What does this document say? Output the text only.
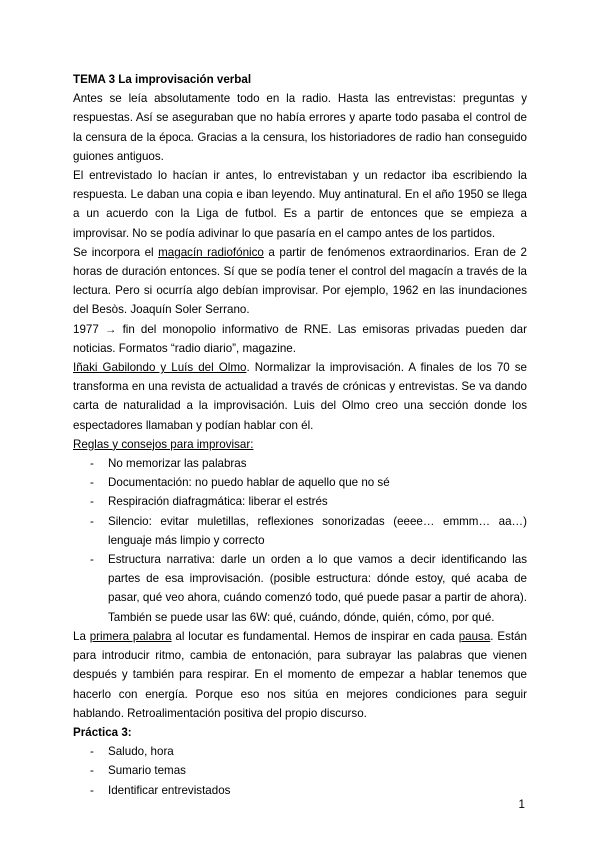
TEMA 3 La improvisación verbal

Antes se leía absolutamente todo en la radio. Hasta las entrevistas: preguntas y respuestas. Así se aseguraban que no había errores y aparte todo pasaba el control de la censura de la época. Gracias a la censura, los historiadores de radio han conseguido guiones antiguos.

El entrevistado lo hacían ir antes, lo entrevistaban y un redactor iba escribiendo la respuesta. Le daban una copia e iban leyendo. Muy antinatural. En el año 1950 se llega a un acuerdo con la Liga de futbol. Es a partir de entonces que se empieza a improvisar. No se podía adivinar lo que pasaría en el campo antes de los partidos.

Se incorpora el magacín radiofónico a partir de fenómenos extraordinarios. Eran de 2 horas de duración entonces. Sí que se podía tener el control del magacín a través de la lectura. Pero si ocurría algo debían improvisar. Por ejemplo, 1962 en las inundaciones del Besòs. Joaquín Soler Serrano.

1977 → fin del monopolio informativo de RNE. Las emisoras privadas pueden dar noticias. Formatos “radio diario”, magazine.

Iñaki Gabilondo y Luís del Olmo. Normalizar la improvisación. A finales de los 70 se transforma en una revista de actualidad a través de crónicas y entrevistas. Se va dando carta de naturalidad a la improvisación. Luis del Olmo creo una sección donde los espectadores llamaban y podían hablar con él.

Reglas y consejos para improvisar:

- No memorizar las palabras
- Documentación: no puedo hablar de aquello que no sé
- Respiración diafragmática: liberar el estrés
- Silencio: evitar muletillas, reflexiones sonorizadas (eeee… emmm… aa…) lenguaje más limpio y correcto
- Estructura narrativa: darle un orden a lo que vamos a decir identificando las partes de esa improvisación. (posible estructura: dónde estoy, qué acaba de pasar, qué veo ahora, cuándo comenzó todo, qué puede pasar a partir de ahora). También se puede usar las 6W: qué, cuándo, dónde, quién, cómo, por qué.

La primera palabra al locutar es fundamental. Hemos de inspirar en cada pausa. Están para introducir ritmo, cambia de entonación, para subrayar las palabras que vienen después y también para respirar. En el momento de empezar a hablar tenemos que hacerlo con energía. Porque eso nos sitúa en mejores condiciones para seguir hablando. Retroalimentación positiva del propio discurso.

Práctica 3:

- Saludo, hora
- Sumario temas
- Identificar entrevistados
1
